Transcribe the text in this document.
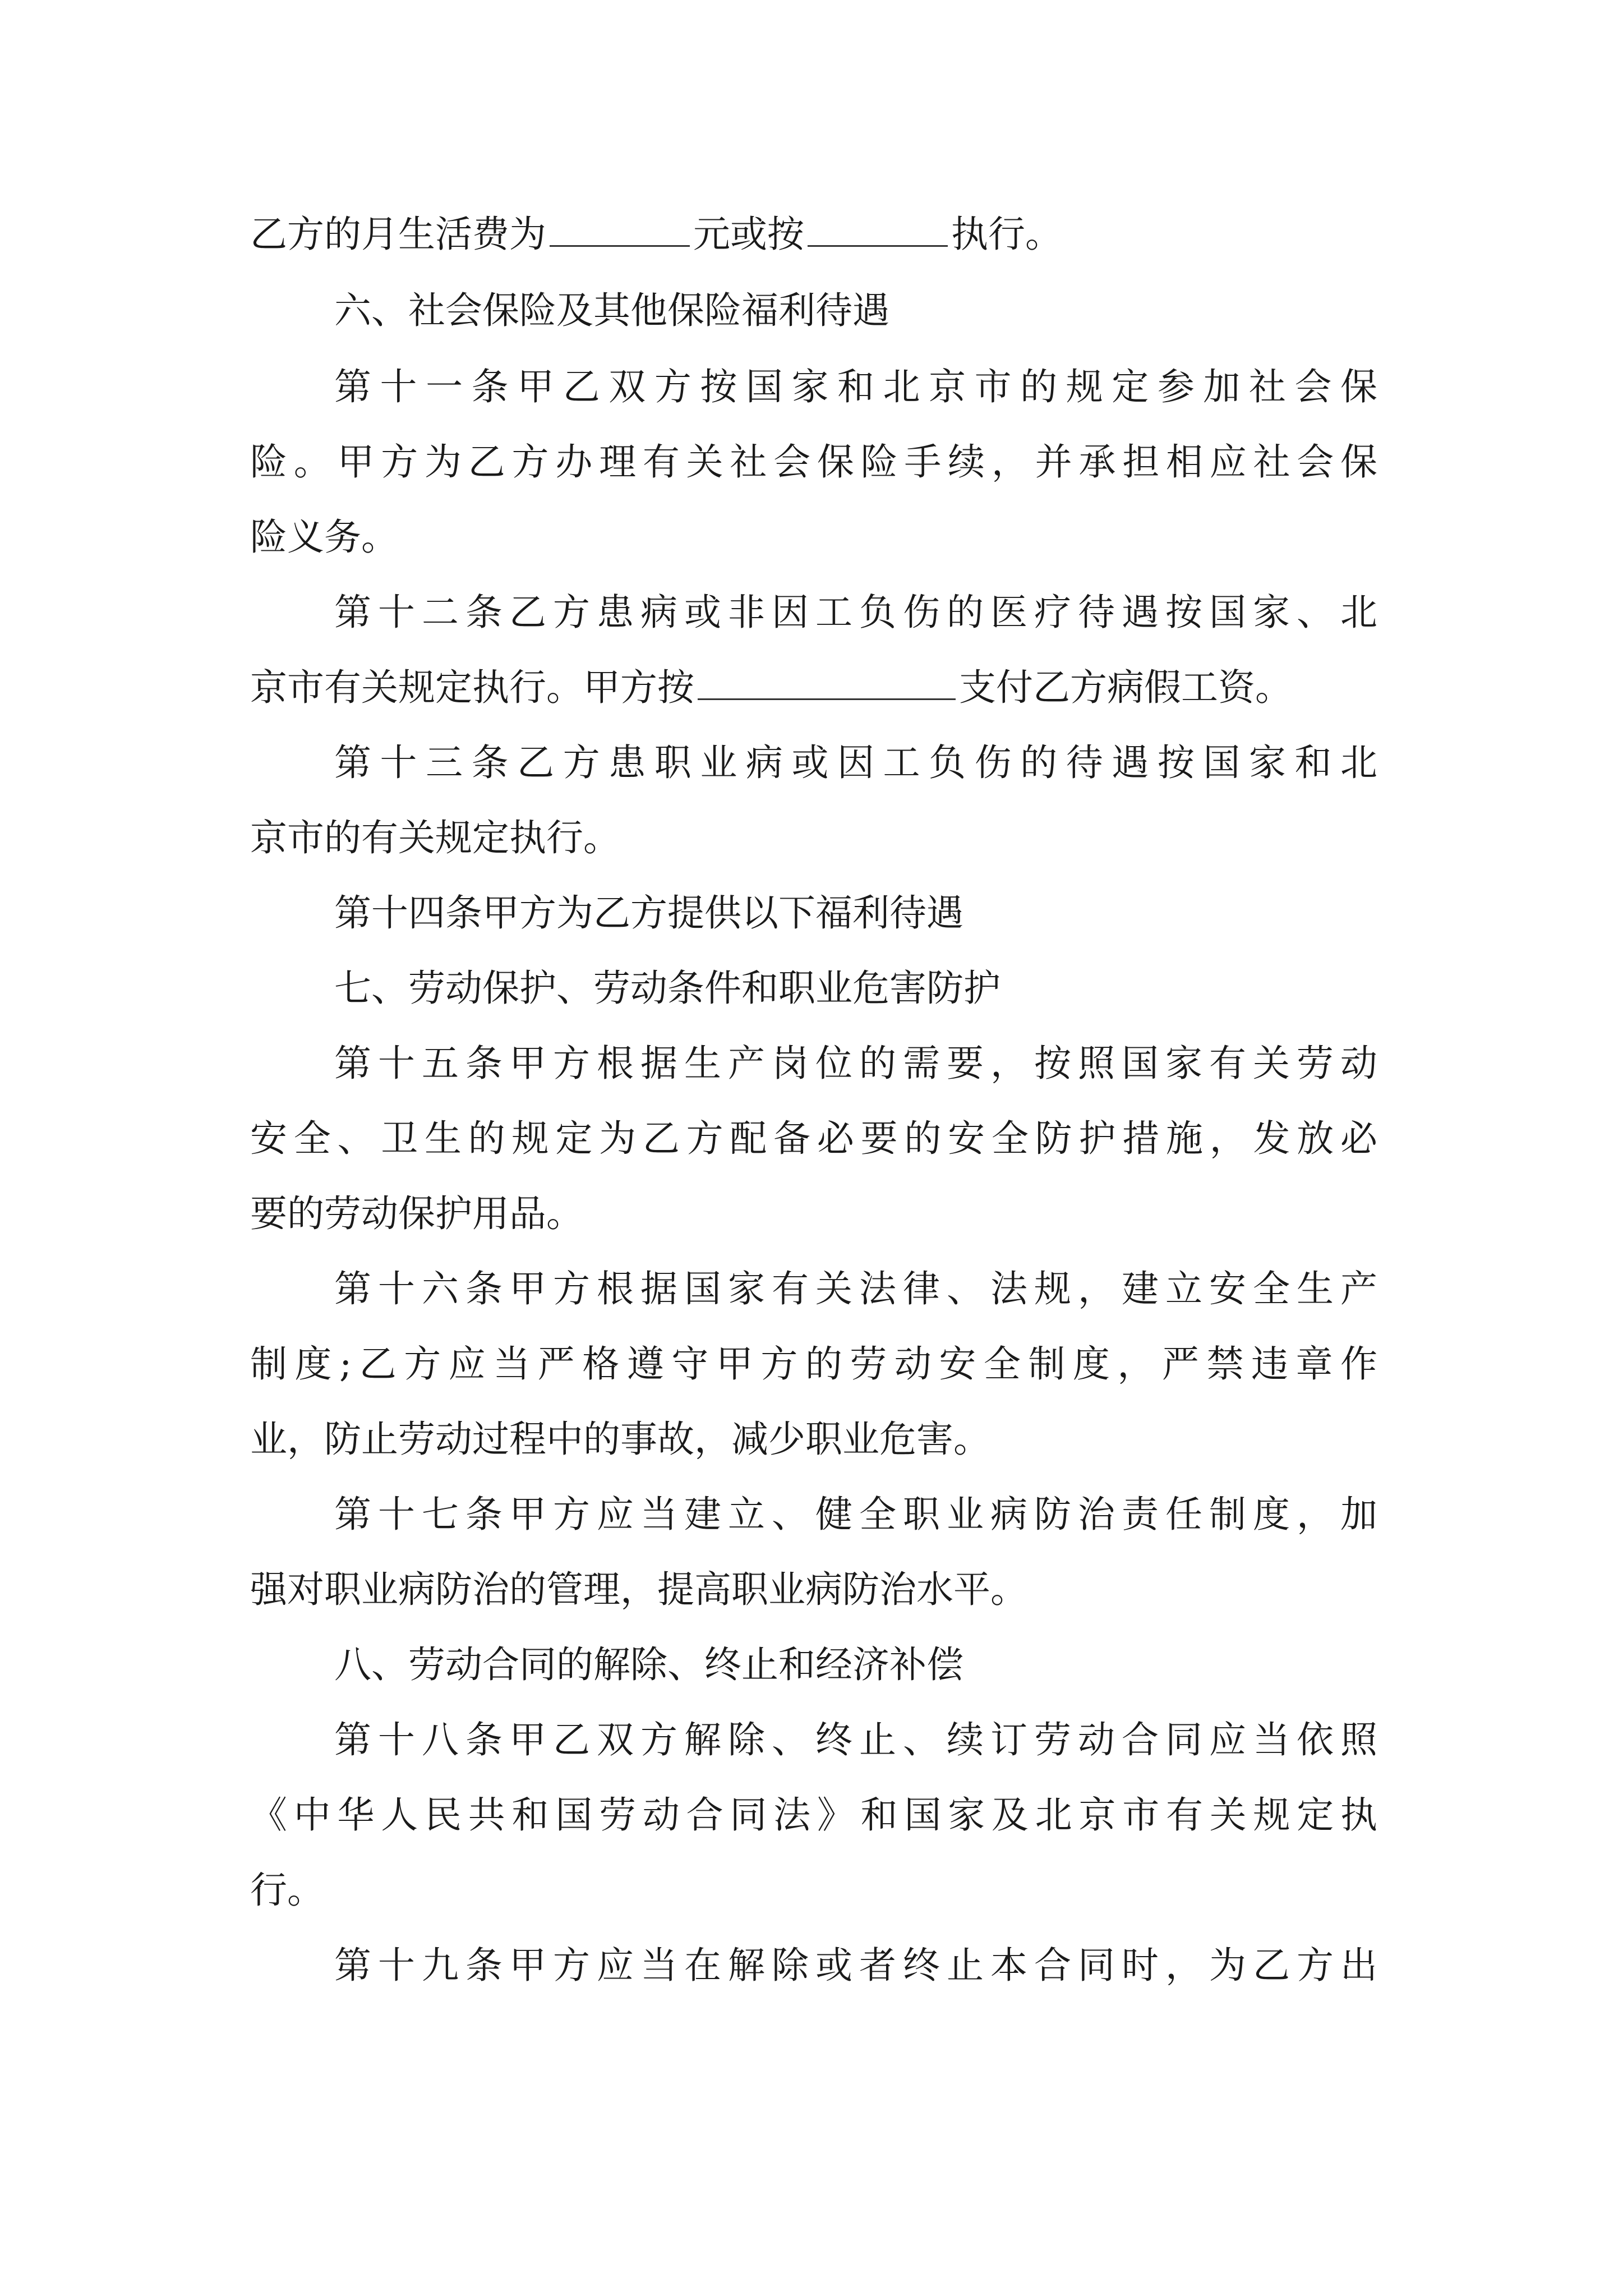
乙方的月生活费为	元或按	执行。
六、社会保险及其他保险福利待遇
第十一条甲乙双方按国家和北京市的规定参加社会保
险。甲方为乙方办理有关社会保险手续，并承担相应社会保
险义务。
第十二条乙方患病或非因工负伤的医疗待遇按国家、北
京市有关规定执行。甲方按	支付乙方病假工资。
第十三条乙方患职业病或因工负伤的待遇按国家和北
京市的有关规定执行。
第十四条甲方为乙方提供以下福利待遇
七、劳动保护、劳动条件和职业危害防护
第十五条甲方根据生产岗位的需要，按照国家有关劳动
安全、卫生的规定为乙方配备必要的安全防护措施，发放必
要的劳动保护用品。
第十六条甲方根据国家有关法律、法规，建立安全生产
制度;乙方应当严格遵守甲方的劳动安全制度，严禁违章作
业，防止劳动过程中的事故，减少职业危害。
第十七条甲方应当建立、健全职业病防治责任制度，加
强对职业病防治的管理，提高职业病防治水平。
八、劳动合同的解除、终止和经济补偿
第十八条甲乙双方解除、终止、续订劳动合同应当依照
《中华人民共和国劳动合同法》和国家及北京市有关规定执
行。
第十九条甲方应当在解除或者终止本合同时，为乙方出
